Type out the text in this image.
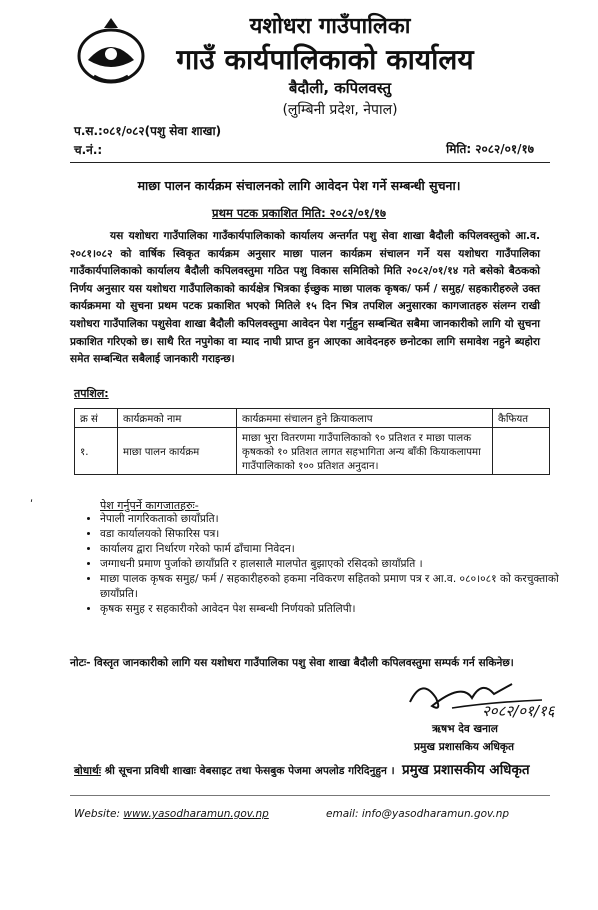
यशोधरा गाउँपालिका
गाउँ कार्यपालिकाको कार्यालय
बैदौली, कपिलवस्तु
(लुम्बिनी प्रदेश, नेपाल)
प.स.:०८१/०८२(पशु सेवा शाखा)
च.नं.:	मिति: २०८२/०१/१७
माछा पालन कार्यक्रम संचालनको लागि आवेदन पेश गर्ने सम्बन्धी सुचना।
प्रथम पटक प्रकाशित मिति: २०८२/०१/१७
यस यशोधरा गाउँपालिका गाउँकार्यपालिकाको कार्यालय अन्तर्गत पशु सेवा शाखा बैदौली कपिलवस्तुको आ.व. २०८१।०८२ को वार्षिक स्विकृत कार्यक्रम अनुसार माछा पालन कार्यक्रम संचालन गर्ने यस यशोधरा गाउँपालिका गाउँकार्यपालिकाको कार्यालय बैदौली कपिलवस्तुमा गठित पशु विकास समितिको मिति २०८२/०१/१४ गते बसेको बैठकको निर्णय अनुसार यस यशोधरा गाउँपालिकाको कार्यक्षेत्र भित्रका ईच्छुक माछा पालक कृषक/ फर्म / समुह/ सहकारीहरुले उक्त कार्यक्रममा यो सुचना प्रथम पटक प्रकाशित भएको मितिले १५ दिन भित्र तपशिल अनुसारका कागजातहरु संलग्न राखी यशोधरा गाउँपालिका पशुसेवा शाखा बैदौली कपिलवस्तुमा आवेदन पेश गर्नुहुन सम्बन्धित सबैमा जानकारीको लागि यो सुचना प्रकाशित गरिएको छ। साथै रित नपुगेका वा म्याद नाघी प्राप्त हुन आएका आवेदनहरु छनोटका लागि समावेश नहुने ब्यहोरा समेत सम्बन्धित सबैलाई जानकारी गराइन्छ।
तपशिल:
क्र सं	कार्यक्रमको नाम	कार्यक्रममा संचालन हुने क्रियाकलाप	कैफियत
१.	माछा पालन कार्यक्रम	माछा भुरा वितरणमा गाउँपालिकाको ९० प्रतिशत र माछा पालक कृषकको १० प्रतिशत लागत सहभागिता अन्य बाँकी कियाकलापमा गाउँपालिकाको १०० प्रतिशत अनुदान।	
ʹ	पेश गर्नुपर्ने कागजातहरुः-
• नेपाली नागरिकताको छायाँप्रति।
• वडा कार्यालयको सिफारिस पत्र।
• कार्यालय द्वारा निर्धारण गरेको फार्म ढाँचामा निवेदन।
• जग्गाधनी प्रमाण पुर्जाको छायाँप्रति र हालसालै मालपोत बुझाएको रसिदको छायाँप्रति ।
• माछा पालक कृषक समुह/ फर्म / सहकारीहरुको हकमा नविकरण सहितको प्रमाण पत्र र आ.व. ०८०।०८१ को करचुक्ताको छायाँप्रति।
• कृषक समुह र सहकारीको आवेदन पेश सम्बन्धी निर्णयको प्रतिलिपी।
नोटः- विस्तृत जानकारीको लागि यस यशोधरा गाउँपालिका पशु सेवा शाखा बैदौली कपिलवस्तुमा सम्पर्क गर्न सकिनेछ।
२०८२/०१/१६
ऋषभ देव खनाल
प्रमुख प्रशासकिय अधिकृत
बोधार्थः श्री सूचना प्रविधी शाखाः वेबसाइट तथा फेसबुक पेजमा अपलोड गरिदिनुहुन । प्रमुख प्रशासकीय अधिकृत
Website: www.yasodharamun.gov.np	email: info@yasodharamun.gov.np
